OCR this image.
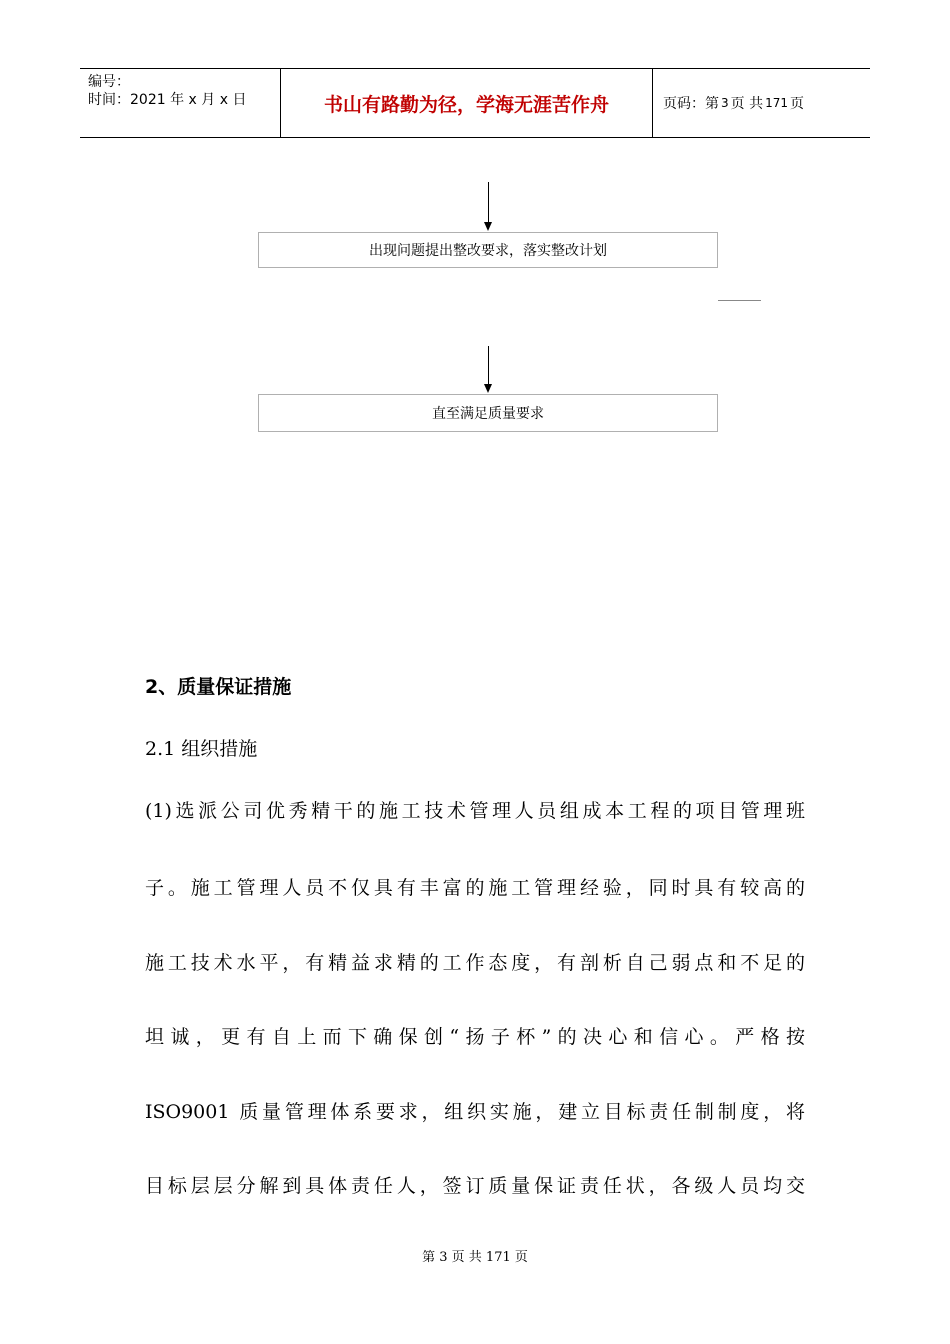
编号：
时间：2021 年 x 月 x 日	书山有路勤为径，学海无涯苦作舟	页码：第 3 页 共 171 页
出现问题提出整改要求，落实整改计划
直至满足质量要求
2、质量保证措施
2.1 组织措施
(1)选派公司优秀精干的施工技术管理人员组成本工程的项目管理班
子。施工管理人员不仅具有丰富的施工管理经验，同时具有较高的
施工技术水平，有精益求精的工作态度，有剖析自己弱点和不足的
坦诚，更有自上而下确保创“扬子杯”的决心和信心。严格按
ISO9001 质量管理体系要求，组织实施，建立目标责任制制度，将
目标层层分解到具体责任人，签订质量保证责任状，各级人员均交
第 3 页 共 171 页
